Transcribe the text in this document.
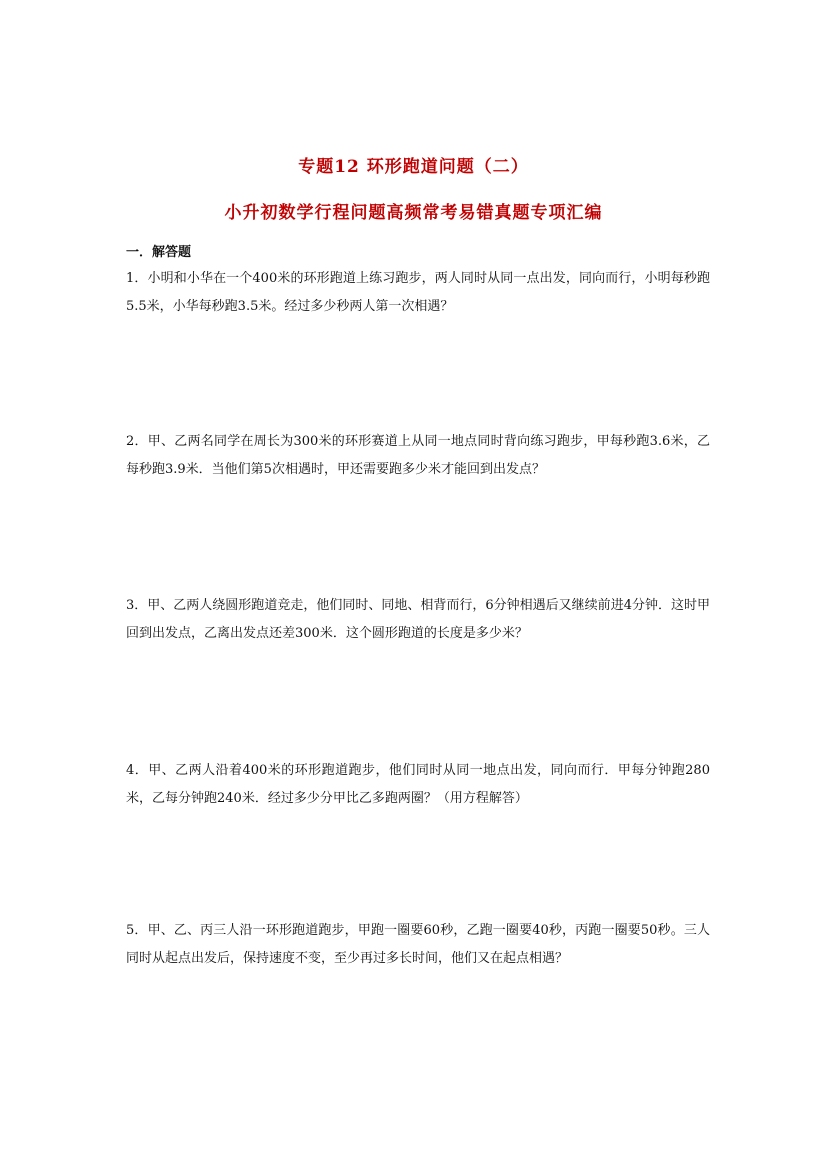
专题12 环形跑道问题（二）
小升初数学行程问题高频常考易错真题专项汇编
一．解答题
1．小明和小华在一个400米的环形跑道上练习跑步，两人同时从同一点出发，同向而行，小明每秒跑5.5米，小华每秒跑3.5米。经过多少秒两人第一次相遇？
2．甲、乙两名同学在周长为300米的环形赛道上从同一地点同时背向练习跑步，甲每秒跑3.6米，乙每秒跑3.9米．当他们第5次相遇时，甲还需要跑多少米才能回到出发点？
3．甲、乙两人绕圆形跑道竞走，他们同时、同地、相背而行，6分钟相遇后又继续前进4分钟．这时甲回到出发点，乙离出发点还差300米．这个圆形跑道的长度是多少米？
4．甲、乙两人沿着400米的环形跑道跑步，他们同时从同一地点出发，同向而行．甲每分钟跑280米，乙每分钟跑240米．经过多少分甲比乙多跑两圈？（用方程解答）
5．甲、乙、丙三人沿一环形跑道跑步，甲跑一圈要60秒，乙跑一圈要40秒，丙跑一圈要50秒。三人同时从起点出发后，保持速度不变，至少再过多长时间，他们又在起点相遇？
